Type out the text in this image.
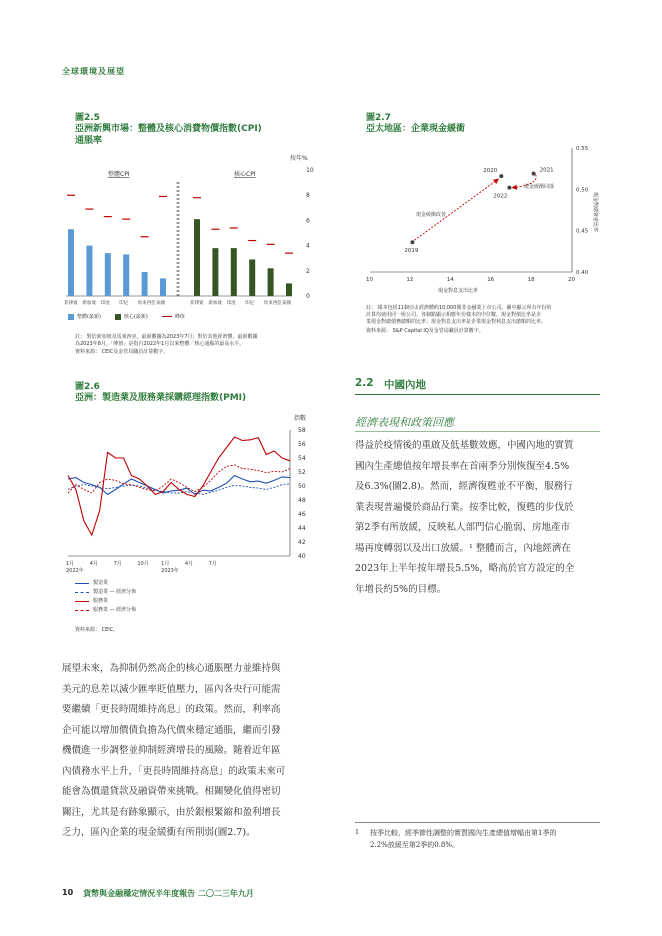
全球環境及展望
圖2.5
亞洲新興市場：整體及核心消費物價指數(CPI)
通脹率
按年%
整體CPI	核心CPI
0
2
4
6
8
10
菲律賓 新加坡 印度 印尼 馬來西亞 泰國	菲律賓 新加坡 印度 印尼 馬來西亞 泰國
整體(最新)	核心(最新)	峰值
註： 對於新加坡及馬來西亞，最新數據為2023年7月；對於其他經濟體，最新數據
為2023年8月。「峰值」是指自2022年1月以來整體／核心通脹的最高水平。
資料來源： CEIC及金管局職員計算數字。
圖2.6
亞洲：製造業及服務業採購經理指數(PMI)
指數
40
42
44
46
48
50
52
54
56
58
1月	4月	7月	10月 1月	4月	7月
2022年	2023年
製造業
製造業 — 經濟分佈
服務業
服務業 — 經濟分佈
資料來源： CEIC。
圖2.7
亞太地區：企業現金緩衝
10	12	14	16	18	20
0.40
0.45
0.50
0.55
2019
2020	2021
2022
現金緩衝改善
現金緩衝回落
現金對息支出比率
現金對總資產比率
註： 樣本包括11個亞太經濟體約10,000間非金融業上市公司。圖中顯示所有年份的
計算均使用同一組公司。各個點顯示相應年份樣本的中位數。現金對債比率是企
業現金對總債務總額的比率；現金對息支出率是企業現金對利息支出總額的比率。
資料來源： S&P Capital IQ及金管局職員計算數字。
2.2 中國內地
經濟表現和政策回應
得益於疫情後的重啟及低基數效應，中國內地的實質
國內生產總值按年增長率在首兩季分別恢復至4.5%
及6.3%(圖2.8)。然而，經濟復甦並不平衡，服務行
業表現普遍優於商品行業。按季比較，復甦的步伐於
第2季有所放緩，反映私人部門信心脆弱、房地產市
場再度轉弱以及出口放緩。¹ 整體而言，內地經濟在
2023年上半年按年增長5.5%，略高於官方設定的全
年增長約5%的目標。
展望未來，為抑制仍然高企的核心通脹壓力並維持與
美元的息差以減少匯率貶值壓力，區內各央行可能需
要繼續「更長時間維持高息」的政策。然而，利率高
企可能以增加價債負擔為代價來穩定通脹，繼而引發
機價進一步調整並抑制經濟增長的風險。隨着近年區
內債務水平上升，「更長時間維持高息」的政策未來可
能會為價還貸款及融資帶來挑戰。相關變化值得密切
關注，尤其是有跡象顯示，由於銀根緊縮和盈利增長
乏力，區內企業的現金緩衝有所削弱(圖2.7)。	1 按季比較，經季節性調整的實質國內生產總值增幅由第1季的
2.2%放緩至第2季的0.8%。
10 貨幣與金融穩定情況半年度報告 二〇二三年九月
